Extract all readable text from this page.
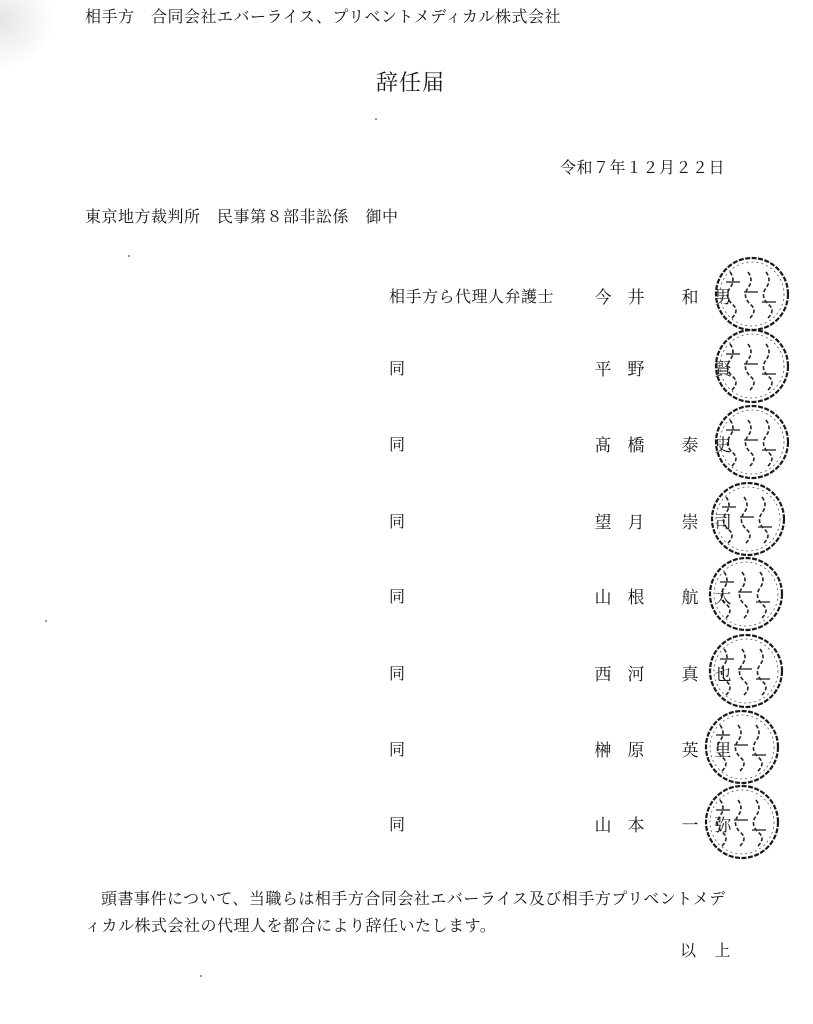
相手方　合同会社エバーライス、プリベントメディカル株式会社
辞任届
令和７年１２月２２日
東京地方裁判所　民事第８部非訟係　御中
相手方ら代理人弁護士 今 井 和 男
同	平 野	賢
同	髙 橋 泰 史
同	望 月 崇 司
同	山 根 航 太
同	西 河 真 也
同	榊 原 英 里
同	山 本 一 弥
頭書事件について、当職らは相手方合同会社エバーライス及び相手方プリベントメディカル株式会社の代理人を都合により辞任いたします。
以 上
